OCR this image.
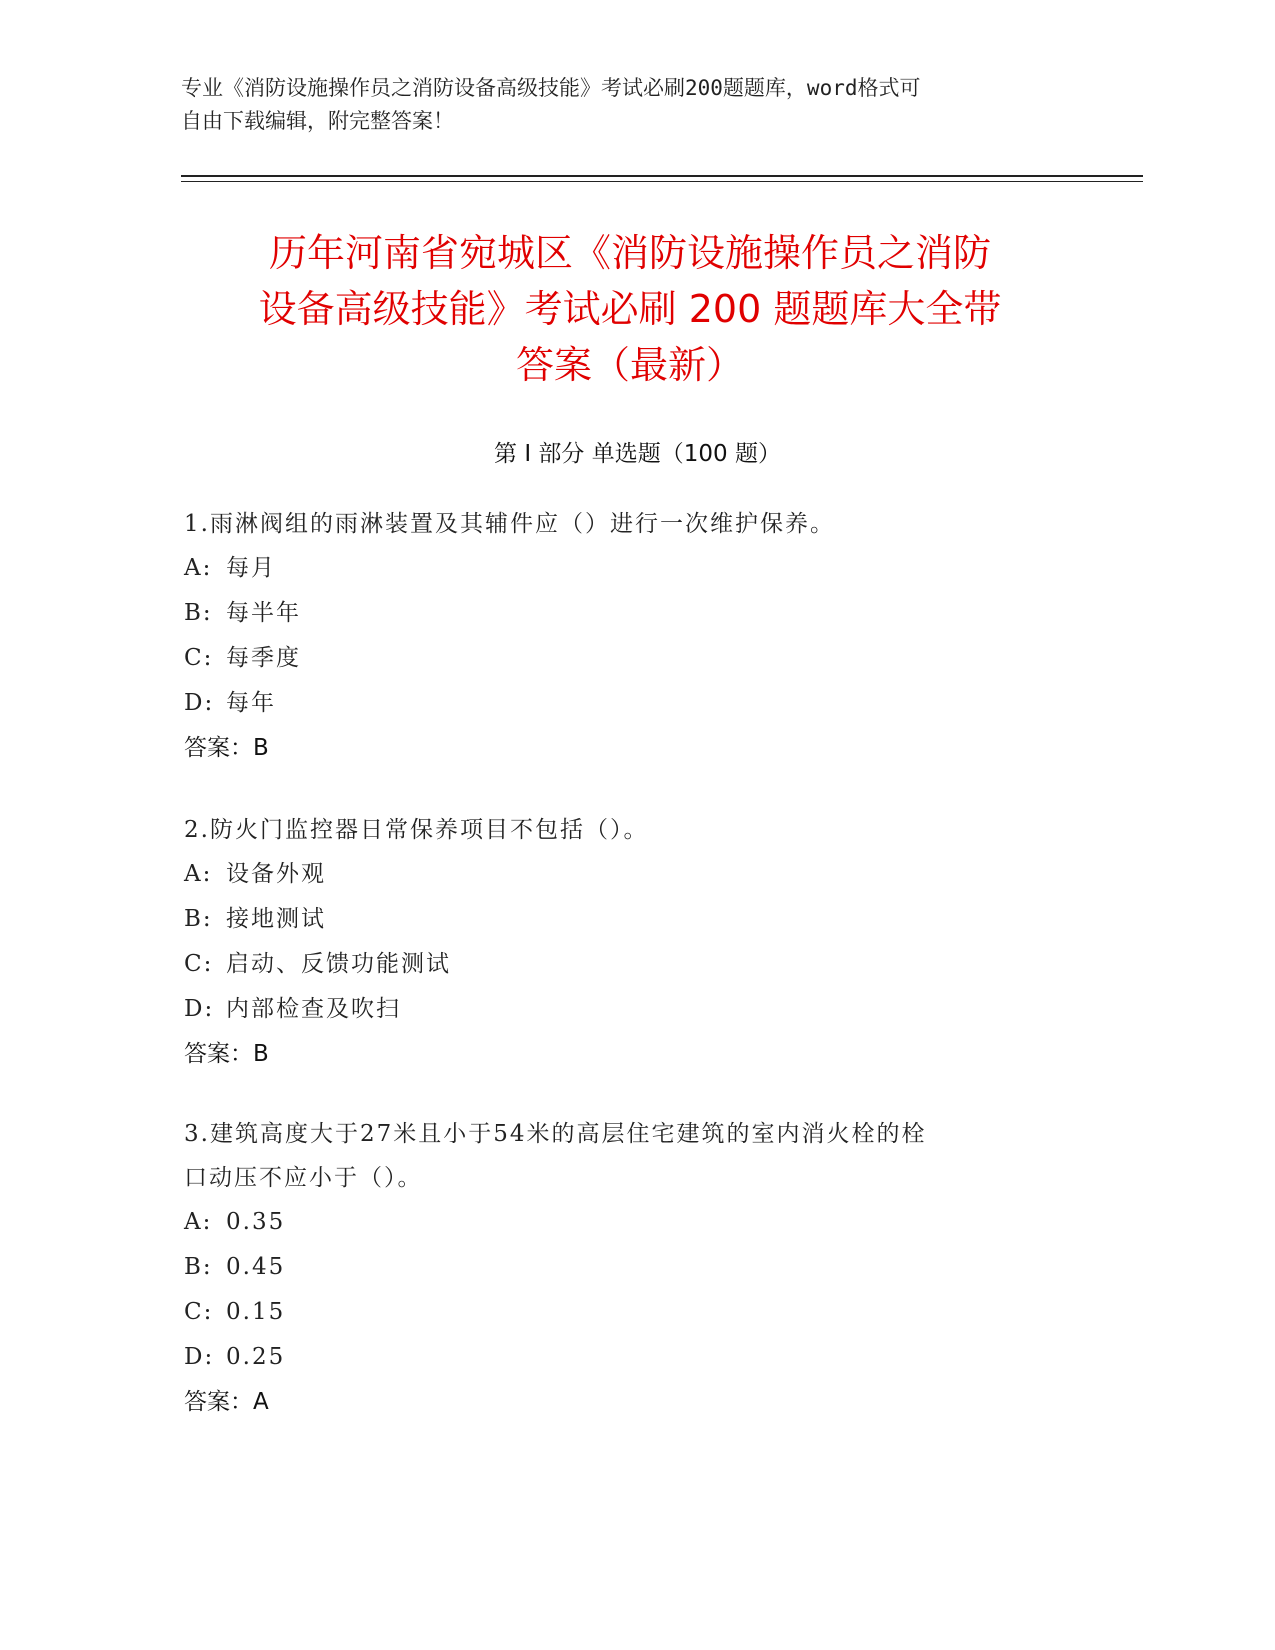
专业《消防设施操作员之消防设备高级技能》考试必刷200题题库，word格式可
自由下载编辑，附完整答案！
历年河南省宛城区《消防设施操作员之消防
设备高级技能》考试必刷 200 题题库大全带
答案（最新）
第 I 部分 单选题（100 题）
1.雨淋阀组的雨淋装置及其辅件应（）进行一次维护保养。
A: 每月
B: 每半年
C: 每季度
D: 每年
答案：B
2.防火门监控器日常保养项目不包括（）。
A: 设备外观
B: 接地测试
C: 启动、反馈功能测试
D: 内部检查及吹扫
答案：B
3.建筑高度大于27米且小于54米的高层住宅建筑的室内消火栓的栓
口动压不应小于（）。
A: 0.35
B: 0.45
C: 0.15
D: 0.25
答案：A
